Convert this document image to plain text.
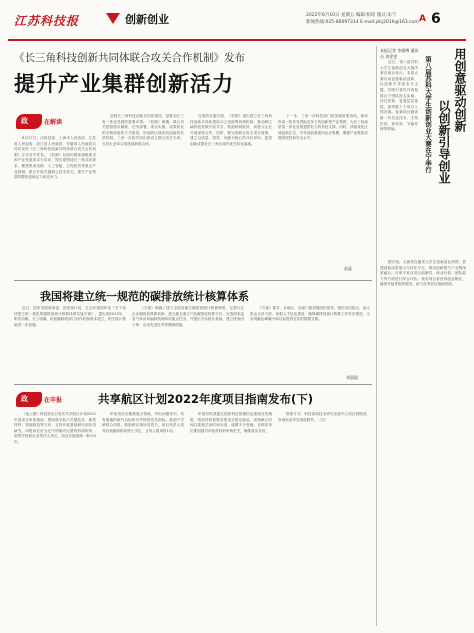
江苏科技报	创新创业	2022年6月10日 星期五 编辑:柏瑶 版式:朱宁
新闻热线:025-86097314 E-mail:jskj2016@163.com A 6
《长三角科技创新共同体联合攻关合作机制》发布
提升产业集群创新活力
政	在解读

6月27日，由科技部、上海市人民政府、江苏省人民政府、浙江省人民政府、安徽省人民政府共同印发的《长三角科技创新共同体联合攻关合作机制》正式对外发布。《机制》以面向国家战略需求和产业发展需求为导向，提出要围绕长三角共同需求，聚焦集成电路、人工智能、生物医药等重点产业领域，联合开展关键核心技术攻关，提升产业集群的整体创新活力和竞争力。

加强长三角科技创新共同体建设，是推动长三角一体化发展的重要举措。《机制》明确，联合攻关按照需求凝练、任务部署、项目实施、成果转化的全链条组织方式推进，形成跨区域协同创新的长效机制。三省一市将共同出资设立联合攻关专项，支持企业牵头组建创新联合体。

在组织实施方面，《机制》提出建立长三角科技创新共同体建设办公室统筹协调机制，推动跨区域科技资源开放共享，鼓励科研院所、高校与企业开展深度合作。同时，要完善联合攻关项目管理，建立以质量、绩效、贡献为核心的评价导向，促进创新成果在长三角区域内优先转化落地。

下一步，三省一市科技部门将加强政策协同，推动形成一批具有国际竞争力的创新型产业集群，为长三角高质量一体化发展提供有力的科技支撑。同时，持续优化区域创新生态，引导创新要素向企业集聚，增强产业链供应链的韧性和安全水平。

赵蕊
我国将建立统一规范的碳排放统计核算体系

近日，国家发展改革委、国家统计局、生态环境部印发《关于加快建立统一规范的碳排放统计核算体系实施方案》，提出到2023年，职责清晰、分工明确、衔接顺畅的部门协作机制基本建立，相关统计基础进一步加强。

《方案》明确了建立全国及地方碳排放统计核算制度、完善行业企业碳排放核算机制、建立健全重点产品碳排放核算方法、完善国家温室气体清单编制机制四项重点任务，并提出夯实统计基础、建立排放因子库、应用先进技术等保障措施。

《方案》要求，各地区、各部门要加强组织领导，强化协同配合，加大资金支持力度，加强人才队伍建设，确保碳排放统计核算工作有序推进，为实现碳达峰碳中和目标提供坚实的数据支撑。

刘晨晨
政	在申报	共享航区计划2022年度项目指南发布(下)

（接上期）科技部近日发布共享航区计划2022年度项目申报指南，围绕航空航天关键技术、新型材料、智能制造等方向，支持开展基础研究和应用研究。申报单位应为在中国境内注册的科研院所、高等学校和企业等法人单位，项目实施周期一般为3年。

申报项目应聚焦重点领域，突出问题导向，具有明确的研究目标和可考核的技术指标。鼓励产学研联合申报，鼓励跨区域协同攻关。项目负责人须具有高级职称或博士学位，且每人限申报1项。

申报材料须通过国家科技管理信息系统在线填报，纸质材料按要求报送至指定地址。受理截止时间以系统关闭时间为准，逾期不予受理。各推荐单位要加强对申报材料的审核把关，确保真实有效。

联系方式：科技部高技术研究发展中心项目管理部，咨询电话详见指南附件。（完）

用创意驱动创新
以创新引导创业
第八届苏科大学生创新创业大赛在宁举行
本报记者 李雅博 通讯员 刘雯雯

近日，第八届苏科大学生创新创业大赛决赛在南京举行。本届大赛以用创意驱动创新、以创新引导创业为主题，共吸引省内外高校数百个团队报名参赛，经过初赛、复赛层层选拔，最终数十个项目入围决赛。参赛项目涵盖新一代信息技术、生物医药、新材料、节能环保等领域。

据介绍，大赛旨在激发大学生创新创业热情，搭建创新成果展示与转化平台，推动创新链与产业链深度融合。评审专家从项目创新性、商业价值、团队能力等方面进行综合评价。获奖项目将获得创业孵化、融资对接等配套服务，助力优秀项目落地发展。
